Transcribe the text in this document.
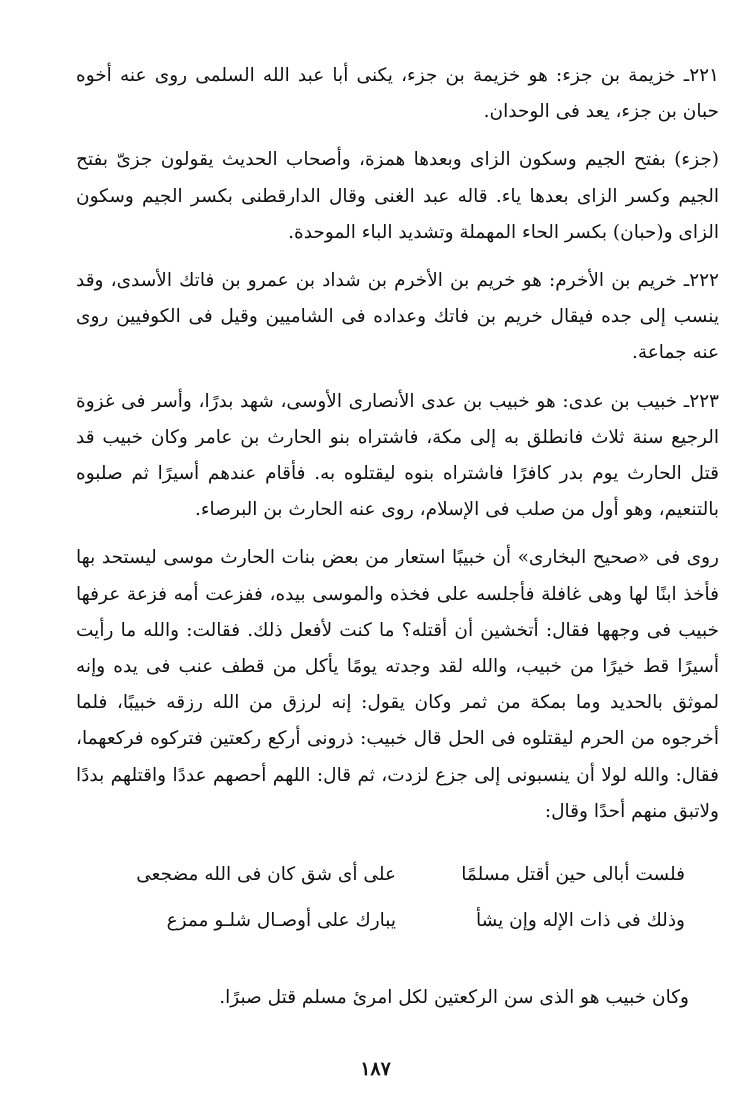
٢٢١ـ خزيمة بن جزء: هو خزيمة بن جزء، يكنى أبا عبد الله السلمى روى عنه أخوه حبان بن جزء، يعد فى الوحدان.

(جزء) بفتح الجيم وسكون الزاى وبعدها همزة، وأصحاب الحديث يقولون جزىّ بفتح الجيم وكسر الزاى بعدها ياء. قاله عبد الغنى وقال الدارقطنى بكسر الجيم وسكون الزاى و(حبان) بكسر الحاء المهملة وتشديد الباء الموحدة.

٢٢٢ـ خريم بن الأخرم: هو خريم بن الأخرم بن شداد بن عمرو بن فاتك الأسدى، وقد ينسب إلى جده فيقال خريم بن فاتك وعداده فى الشاميين وقيل فى الكوفيين روى عنه جماعة.

٢٢٣ـ خبيب بن عدى: هو خبيب بن عدى الأنصارى الأوسى، شهد بدرًا، وأسر فى غزوة الرجيع سنة ثلاث فانطلق به إلى مكة، فاشتراه بنو الحارث بن عامر وكان خبيب قد قتل الحارث يوم بدر كافرًا فاشتراه بنوه ليقتلوه به. فأقام عندهم أسيرًا ثم صلبوه بالتنعيم، وهو أول من صلب فى الإسلام، روى عنه الحارث بن البرصاء.

روى فى «صحيح البخارى» أن خبيبًا استعار من بعض بنات الحارث موسى ليستحد بها فأخذ ابنًا لها وهى غافلة فأجلسه على فخذه والموسى بيده، ففزعت أمه فزعة عرفها خبيب فى وجهها فقال: أتخشين أن أقتله؟ ما كنت لأفعل ذلك. فقالت: والله ما رأيت أسيرًا قط خيرًا من خبيب، والله لقد وجدته يومًا يأكل من قطف عنب فى يده وإنه لموثق بالحديد وما بمكة من ثمر وكان يقول: إنه لرزق من الله رزقه خبيبًا، فلما أخرجوه من الحرم ليقتلوه فى الحل قال خبيب: ذرونى أركع ركعتين فتركوه فركعهما، فقال: والله لولا أن ينسبونى إلى جزع لزدت، ثم قال: اللهم أحصهم عددًا واقتلهم بددًا ولاتبق منهم أحدًا وقال:

فلست أبالى حين أقتل مسلمًا
على أى شق كان فى الله مضجعى
وذلك فى ذات الإله وإن يشأ
يبارك على أوصـال شلـو ممزع

وكان خبيب هو الذى سن الركعتين لكل امرئ مسلم قتل صبرًا.

١٨٧
